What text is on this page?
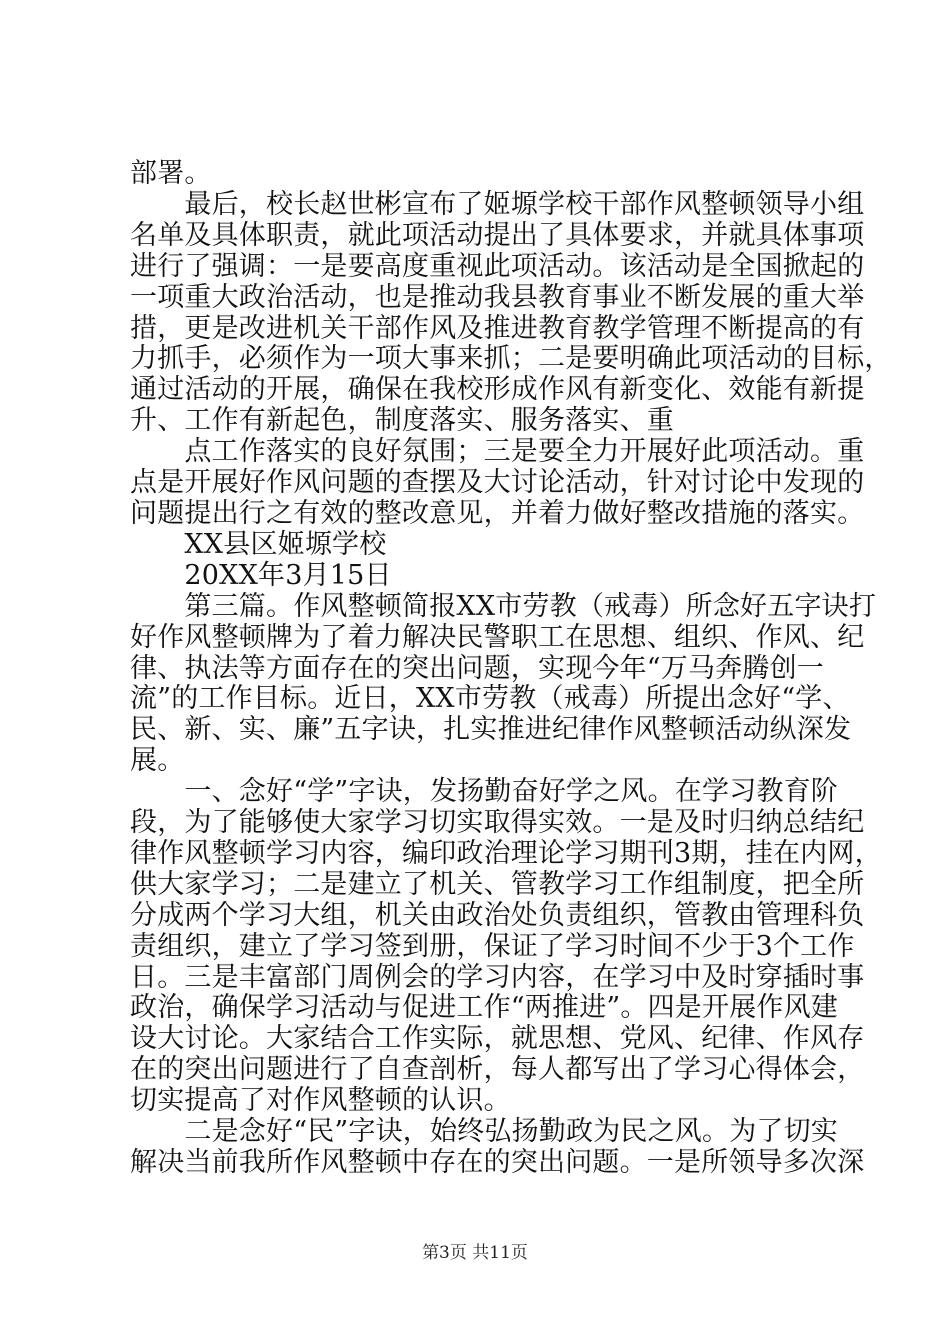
部署。
　　最后，校长赵世彬宣布了姬塬学校干部作风整顿领导小组
名单及具体职责，就此项活动提出了具体要求，并就具体事项
进行了强调：一是要高度重视此项活动。该活动是全国掀起的
一项重大政治活动，也是推动我县教育事业不断发展的重大举
措，更是改进机关干部作风及推进教育教学管理不断提高的有
力抓手，必须作为一项大事来抓；二是要明确此项活动的目标，
通过活动的开展，确保在我校形成作风有新变化、效能有新提
升、工作有新起色，制度落实、服务落实、重
　　点工作落实的良好氛围；三是要全力开展好此项活动。重
点是开展好作风问题的查摆及大讨论活动，针对讨论中发现的
问题提出行之有效的整改意见，并着力做好整改措施的落实。
　　XX县区姬塬学校
　　20XX年3月15日
　　第三篇。作风整顿简报XX市劳教（戒毒）所念好五字诀打
好作风整顿牌为了着力解决民警职工在思想、组织、作风、纪
律、执法等方面存在的突出问题，实现今年“万马奔腾创一
流”的工作目标。近日，XX市劳教（戒毒）所提出念好“学、
民、新、实、廉”五字诀，扎实推进纪律作风整顿活动纵深发
展。
　　一、念好“学”字诀，发扬勤奋好学之风。在学习教育阶
段，为了能够使大家学习切实取得实效。一是及时归纳总结纪
律作风整顿学习内容，编印政治理论学习期刊3期，挂在内网，
供大家学习；二是建立了机关、管教学习工作组制度，把全所
分成两个学习大组，机关由政治处负责组织，管教由管理科负
责组织，建立了学习签到册，保证了学习时间不少于3个工作
日。三是丰富部门周例会的学习内容，在学习中及时穿插时事
政治，确保学习活动与促进工作“两推进”。四是开展作风建
设大讨论。大家结合工作实际，就思想、党风、纪律、作风存
在的突出问题进行了自查剖析，每人都写出了学习心得体会，
切实提高了对作风整顿的认识。
　　二是念好“民”字诀，始终弘扬勤政为民之风。为了切实
解决当前我所作风整顿中存在的突出问题。一是所领导多次深
第3页 共11页
